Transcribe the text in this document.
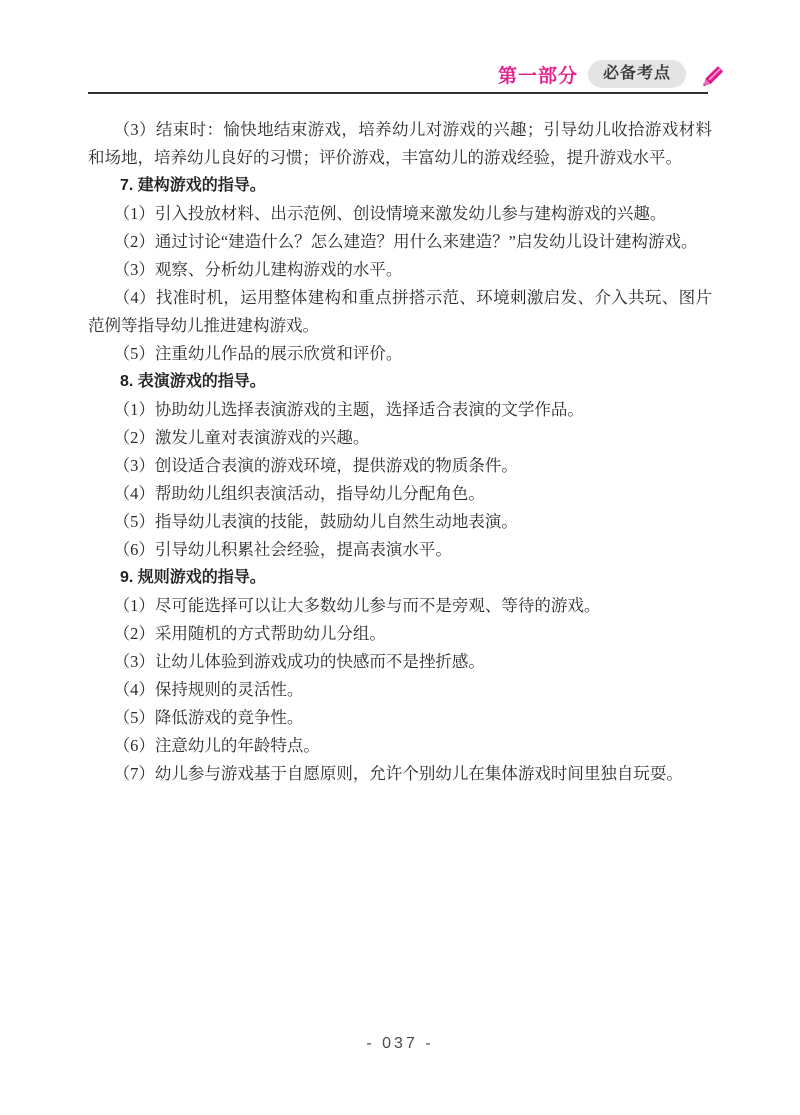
第一部分	必备考点

（3）结束时：愉快地结束游戏，培养幼儿对游戏的兴趣；引导幼儿收拾游戏材料和场地，培养幼儿良好的习惯；评价游戏，丰富幼儿的游戏经验，提升游戏水平。

7. 建构游戏的指导。

（1）引入投放材料、出示范例、创设情境来激发幼儿参与建构游戏的兴趣。

（2）通过讨论“建造什么？怎么建造？用什么来建造？”启发幼儿设计建构游戏。

（3）观察、分析幼儿建构游戏的水平。

（4）找准时机，运用整体建构和重点拼搭示范、环境刺激启发、介入共玩、图片范例等指导幼儿推进建构游戏。

（5）注重幼儿作品的展示欣赏和评价。

8. 表演游戏的指导。

（1）协助幼儿选择表演游戏的主题，选择适合表演的文学作品。

（2）激发儿童对表演游戏的兴趣。

（3）创设适合表演的游戏环境，提供游戏的物质条件。

（4）帮助幼儿组织表演活动，指导幼儿分配角色。

（5）指导幼儿表演的技能，鼓励幼儿自然生动地表演。

（6）引导幼儿积累社会经验，提高表演水平。

9. 规则游戏的指导。

（1）尽可能选择可以让大多数幼儿参与而不是旁观、等待的游戏。

（2）采用随机的方式帮助幼儿分组。

（3）让幼儿体验到游戏成功的快感而不是挫折感。

（4）保持规则的灵活性。

（5）降低游戏的竞争性。

（6）注意幼儿的年龄特点。

（7）幼儿参与游戏基于自愿原则，允许个别幼儿在集体游戏时间里独自玩耍。

- 037 -
